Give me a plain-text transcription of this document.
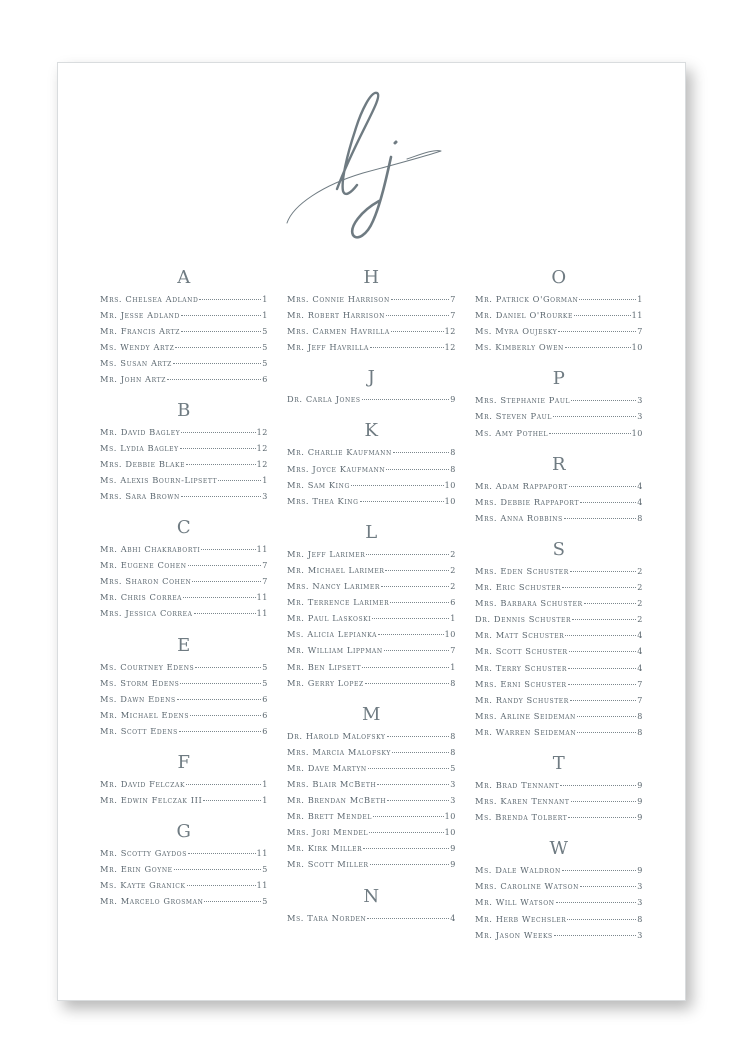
A
Mrs. Chelsea Adland	1
Mr. Jesse Adland	1
Mr. Francis Artz	5
Ms. Wendy Artz	5
Ms. Susan Artz	5
Mr. John Artz	6
B
Mr. David Bagley	12
Ms. Lydia Bagley	12
Mrs. Debbie Blake	12
Ms. Alexis Bourn-Lipsett	1
Mrs. Sara Brown	3
C
Mr. Abhi Chakraborti	11
Mr. Eugene Cohen	7
Mrs. Sharon Cohen	7
Mr. Chris Correa	11
Mrs. Jessica Correa	11
E
Ms. Courtney Edens	5
Ms. Storm Edens	5
Ms. Dawn Edens	6
Mr. Michael Edens	6
Mr. Scott Edens	6
F
Mr. David Felczak	1
Mr. Edwin Felczak III	1
G
Mr. Scotty Gaydos	11
Mr. Erin Goyne	5
Ms. Kayte Granick	11
Mr. Marcelo Grosman	5
H
Mrs. Connie Harrison	7
Mr. Robert Harrison	7
Mrs. Carmen Havrilla	12
Mr. Jeff Havrilla	12
J
Dr. Carla Jones	9
K
Mr. Charlie Kaufmann	8
Mrs. Joyce Kaufmann	8
Mr. Sam King	10
Mrs. Thea King	10
L
Mr. Jeff Larimer	2
Mr. Michael Larimer	2
Mrs. Nancy Larimer	2
Mr. Terrence Larimer	6
Mr. Paul Laskoski	1
Ms. Alicia Lepianka	10
Mr. William Lippman	7
Mr. Ben Lipsett	1
Mr. Gerry Lopez	8
M
Dr. Harold Malofsky	8
Mrs. Marcia Malofsky	8
Mr. Dave Martyn	5
Mrs. Blair McBeth	3
Mr. Brendan McBeth	3
Mr. Brett Mendel	10
Mrs. Jori Mendel	10
Mr. Kirk Miller	9
Mr. Scott Miller	9
N
Ms. Tara Norden	4
O
Mr. Patrick O'Gorman	1
Mr. Daniel O'Rourke	11
Ms. Myra Oujesky	7
Ms. Kimberly Owen	10
P
Mrs. Stephanie Paul	3
Mr. Steven Paul	3
Ms. Amy Pothel	10
R
Mr. Adam Rappaport	4
Mrs. Debbie Rappaport	4
Mrs. Anna Robbins	8
S
Mrs. Eden Schuster	2
Mr. Eric Schuster	2
Mrs. Barbara Schuster	2
Dr. Dennis Schuster	2
Mr. Matt Schuster	4
Mr. Scott Schuster	4
Mr. Terry Schuster	4
Mrs. Erni Schuster	7
Mr. Randy Schuster	7
Mrs. Arline Seideman	8
Mr. Warren Seideman	8
T
Mr. Brad Tennant	9
Mrs. Karen Tennant	9
Ms. Brenda Tolbert	9
W
Ms. Dale Waldron	9
Mrs. Caroline Watson	3
Mr. Will Watson	3
Mr. Herb Wechsler	8
Mr. Jason Weeks	3
